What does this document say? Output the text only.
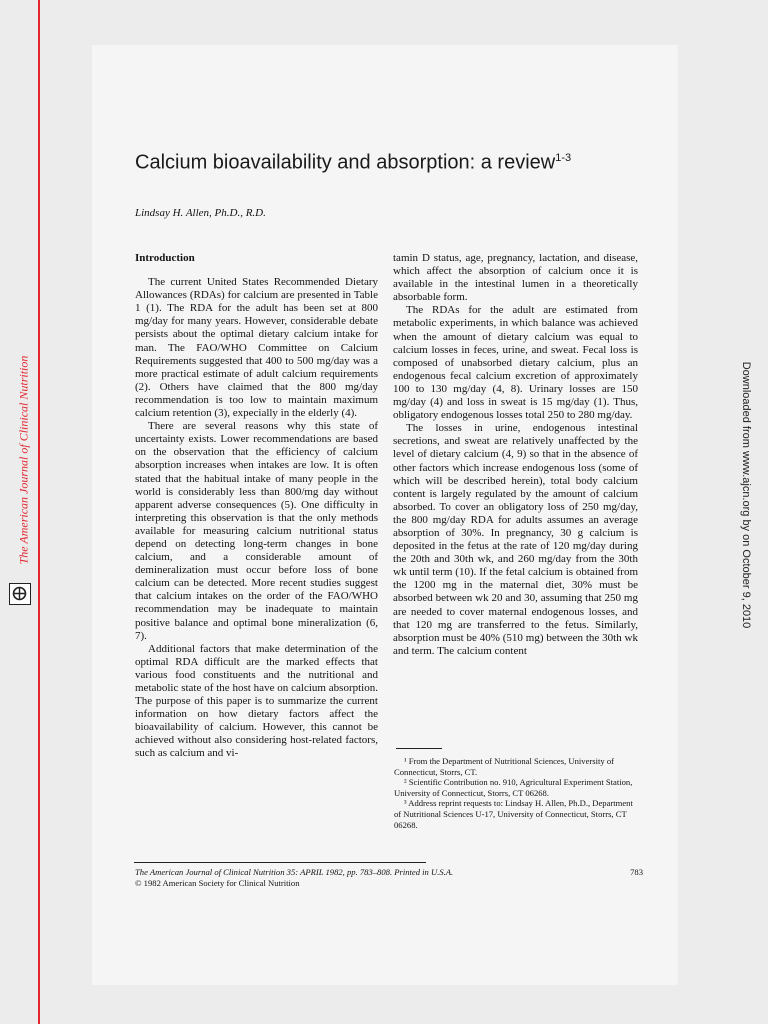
The American Journal of Clinical Nutrition	Downloaded from www.ajcn.org by on October 9, 2010
Calcium bioavailability and absorption: a review$^{1-3}$
Lindsay H. Allen, Ph.D., R.D.
Introduction

The current United States Recommended Dietary Allowances (RDAs) for calcium are presented in Table 1 (1). The RDA for the adult has been set at 800 mg/day for many years. However, considerable debate persists about the optimal dietary calcium intake for man. The FAO/WHO Committee on Calcium Requirements suggested that 400 to 500 mg/day was a more practical estimate of adult calcium requirements (2). Others have claimed that the 800 mg/day recommendation is too low to maintain maximum calcium retention (3), expecially in the elderly (4).

There are several reasons why this state of uncertainty exists. Lower recommendations are based on the observation that the efficiency of calcium absorption increases when intakes are low. It is often stated that the habitual intake of many people in the world is considerably less than 800/mg day without apparent adverse consequences (5). One difficulty in interpreting this observation is that the only methods available for measuring calcium nutritional status depend on detecting long-term changes in bone calcium, and a considerable amount of demineralization must occur before loss of bone calcium can be detected. More recent studies suggest that calcium intakes on the order of the FAO/WHO recommendation may be inadequate to maintain positive balance and optimal bone mineralization (6, 7).

Additional factors that make determination of the optimal RDA difficult are the marked effects that various food constituents and the nutritional and metabolic state of the host have on calcium absorption. The purpose of this paper is to summarize the current information on how dietary factors affect the bioavailability of calcium. However, this cannot be achieved without also considering host-related factors, such as calcium and vi-

tamin D status, age, pregnancy, lactation, and disease, which affect the absorption of calcium once it is available in the intestinal lumen in a theoretically absorbable form.

The RDAs for the adult are estimated from metabolic experiments, in which balance was achieved when the amount of dietary calcium was equal to calcium losses in feces, urine, and sweat. Fecal loss is composed of unabsorbed dietary calcium, plus an endogenous fecal calcium excretion of approximately 100 to 130 mg/day (4, 8). Urinary losses are 150 mg/day (4) and loss in sweat is 15 mg/day (1). Thus, obligatory endogenous losses total 250 to 280 mg/day.

The losses in urine, endogenous intestinal secretions, and sweat are relatively unaffected by the level of dietary calcium (4, 9) so that in the absence of other factors which increase endogenous loss (some of which will be described herein), total body calcium content is largely regulated by the amount of calcium absorbed. To cover an obligatory loss of 250 mg/day, the 800 mg/day RDA for adults assumes an average absorption of 30%. In pregnancy, 30 g calcium is deposited in the fetus at the rate of 120 mg/day during the 20th and 30th wk, and 260 mg/day from the 30th wk until term (10). If the fetal calcium is obtained from the 1200 mg in the maternal diet, 30% must be absorbed between wk 20 and 30, assuming that 250 mg are needed to cover maternal endogenous losses, and that 120 mg are transferred to the fetus. Similarly, absorption must be 40% (510 mg) between the 30th wk and term. The calcium content

¹ From the Department of Nutritional Sciences, University of Connecticut, Storrs, CT.

² Scientific Contribution no. 910, Agricultural Experiment Station, University of Connecticut, Storrs, CT 06268.

³ Address reprint requests to: Lindsay H. Allen, Ph.D., Department of Nutritional Sciences U-17, University of Connecticut, Storrs, CT 06268.

The American Journal of Clinical Nutrition 35: APRIL 1982, pp. 783–808. Printed in U.S.A.
© 1982 American Society for Clinical Nutrition
783
